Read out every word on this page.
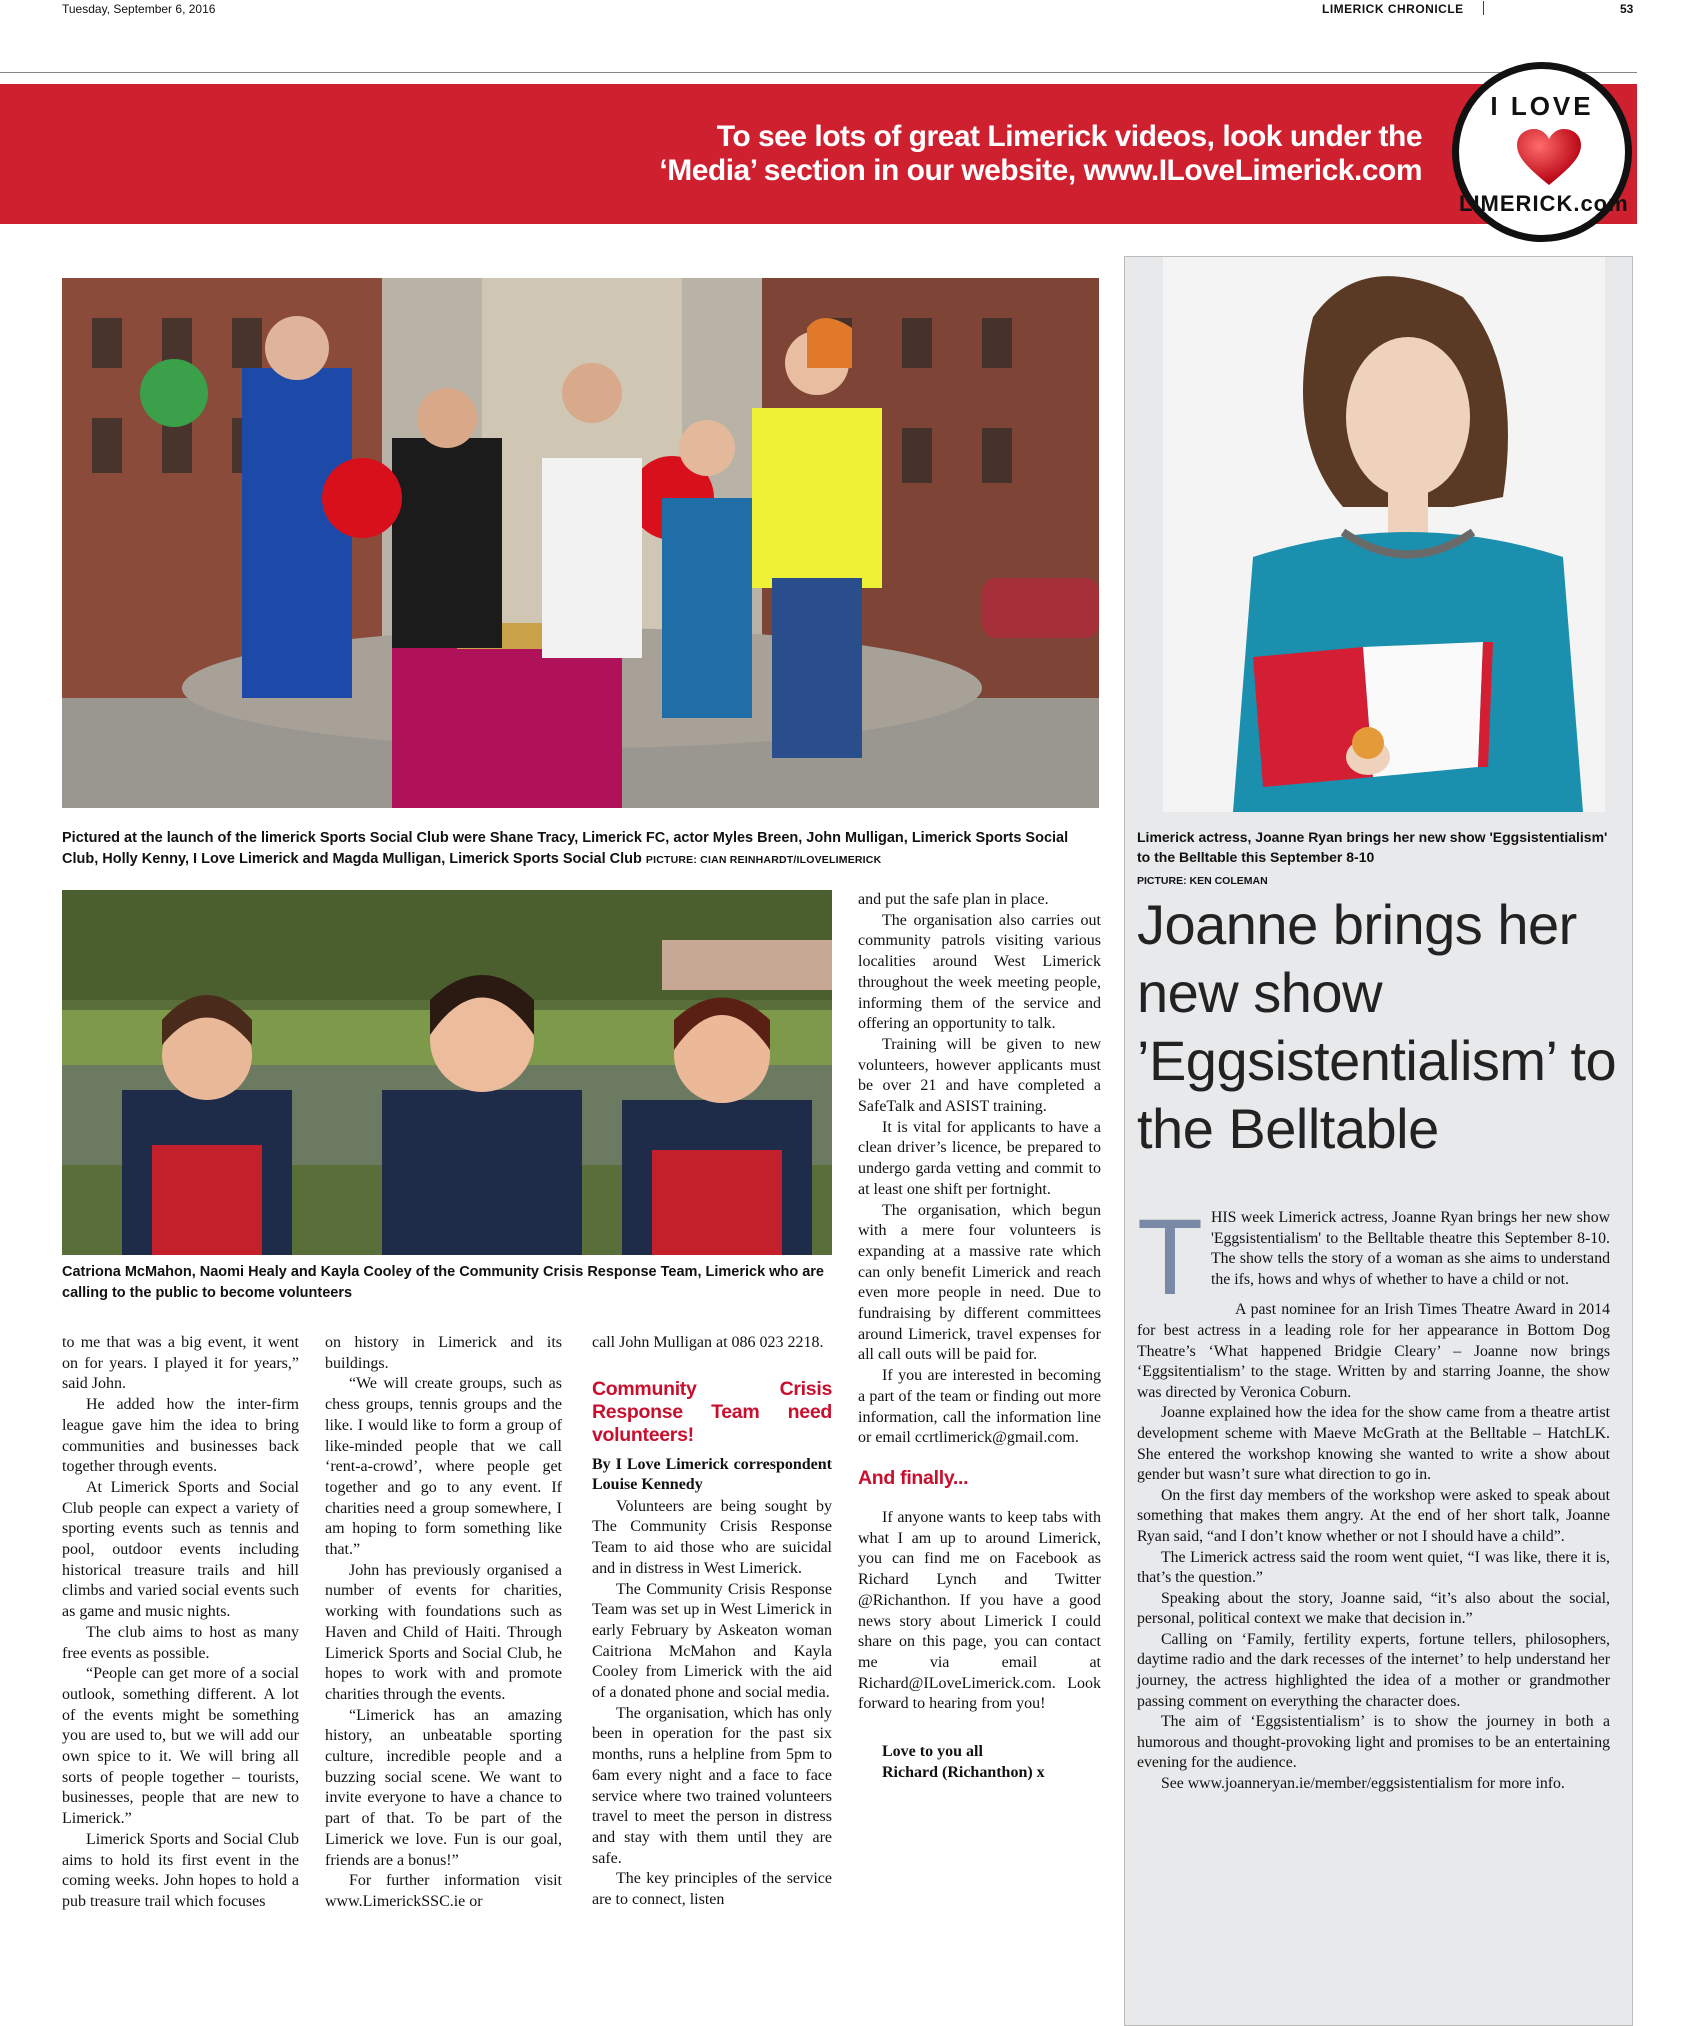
Tuesday, September 6, 2016	LIMERICK CHRONICLE	53
To see lots of great Limerick videos, look under the
‘Media’ section in our website, www.ILoveLimerick.com
I LOVE
LIMERICK.com
Pictured at the launch of the limerick Sports Social Club were Shane Tracy, Limerick FC, actor Myles Breen, John Mulligan, Limerick Sports Social Club, Holly Kenny, I Love Limerick and Magda Mulligan, Limerick Sports Social Club PICTURE: CIAN REINHARDT/ILOVELIMERICK
Catriona McMahon, Naomi Healy and Kayla Cooley of the Community Crisis Response Team, Limerick who are calling to the public to become volunteers

to me that was a big event, it went on for years. I played it for years,” said John.

He added how the inter-firm league gave him the idea to bring communities and businesses back together through events.

At Limerick Sports and Social Club people can expect a variety of sporting events such as tennis and pool, outdoor events including historical treasure trails and hill climbs and varied social events such as game and music nights.

The club aims to host as many free events as possible.

“People can get more of a social outlook, something different. A lot of the events might be something you are used to, but we will add our own spice to it. We will bring all sorts of people together – tourists, businesses, people that are new to Limerick.”

Limerick Sports and Social Club aims to hold its first event in the coming weeks. John hopes to hold a pub treasure trail which focuses

on history in Limerick and its buildings.

“We will create groups, such as chess groups, tennis groups and the like. I would like to form a group of like-minded people that we call ‘rent-a-crowd’, where people get together and go to any event. If charities need a group somewhere, I am hoping to form something like that.”

John has previously organised a number of events for charities, working with foundations such as Haven and Child of Haiti. Through Limerick Sports and Social Club, he hopes to work with and promote charities through the events.

“Limerick has an amazing history, an unbeatable sporting culture, incredible people and a buzzing social scene. We want to invite everyone to have a chance to part of that. To be part of the Limerick we love. Fun is our goal, friends are a bonus!”

For further information visit www.LimerickSSC.ie or

call John Mulligan at 086 023 2218.

Community Crisis Response Team need volunteers!
By I Love Limerick correspondent Louise Kennedy

Volunteers are being sought by The Community Crisis Response Team to aid those who are suicidal and in distress in West Limerick.

The Community Crisis Response Team was set up in West Limerick in early February by Askeaton woman Caitriona McMahon and Kayla Cooley from Limerick with the aid of a donated phone and social media.

The organisation, which has only been in operation for the past six months, runs a helpline from 5pm to 6am every night and a face to face service where two trained volunteers travel to meet the person in distress and stay with them until they are safe.

The key principles of the service are to connect, listen

and put the safe plan in place.

The organisation also carries out community patrols visiting various localities around West Limerick throughout the week meeting people, informing them of the service and offering an opportunity to talk.

Training will be given to new volunteers, however applicants must be over 21 and have completed a SafeTalk and ASIST training.

It is vital for applicants to have a clean driver’s licence, be prepared to undergo garda vetting and commit to at least one shift per fortnight.

The organisation, which begun with a mere four volunteers is expanding at a massive rate which can only benefit Limerick and reach even more people in need. Due to fundraising by different committees around Limerick, travel expenses for all call outs will be paid for.

If you are interested in becoming a part of the team or finding out more information, call the information line or email ccrtlimerick@gmail.com.

And finally...

If anyone wants to keep tabs with what I am up to around Limerick, you can find me on Facebook as Richard Lynch and Twitter @Richanthon. If you have a good news story about Limerick I could share on this page, you can contact me via email at Richard@ILoveLimerick.com. Look forward to hearing from you!

Love to you all
Richard (Richanthon) x
Limerick actress, Joanne Ryan brings her new show 'Eggsistentialism' to the Belltable this September 8-10
PICTURE: KEN COLEMAN
Joanne brings her new show ’Eggsistentialism’ to the Belltable

THIS week Limerick actress, Joanne Ryan brings her new show 'Eggsistentialism' to the Belltable theatre this September 8-10. The show tells the story of a woman as she aims to understand the ifs, hows and whys of whether to have a child or not.

A past nominee for an Irish Times Theatre Award in 2014 for best actress in a leading role for her appearance in Bottom Dog Theatre’s ‘What happened Bridgie Cleary’ – Joanne now brings ‘Eggsitentialism’ to the stage. Written by and starring Joanne, the show was directed by Veronica Coburn.

Joanne explained how the idea for the show came from a theatre artist development scheme with Maeve McGrath at the Belltable – HatchLK. She entered the workshop knowing she wanted to write a show about gender but wasn’t sure what direction to go in.

On the first day members of the workshop were asked to speak about something that makes them angry. At the end of her short talk, Joanne Ryan said, “and I don’t know whether or not I should have a child”.

The Limerick actress said the room went quiet, “I was like, there it is, that’s the question.”

Speaking about the story, Joanne said, “it’s also about the social, personal, political context we make that decision in.”

Calling on ‘Family, fertility experts, fortune tellers, philosophers, daytime radio and the dark recesses of the internet’ to help understand her journey, the actress highlighted the idea of a mother or grandmother passing comment on everything the character does.

The aim of ‘Eggsistentialism’ is to show the journey in both a humorous and thought-provoking light and promises to be an entertaining evening for the audience.

See www.joanneryan.ie/member/eggsistentialism for more info.
